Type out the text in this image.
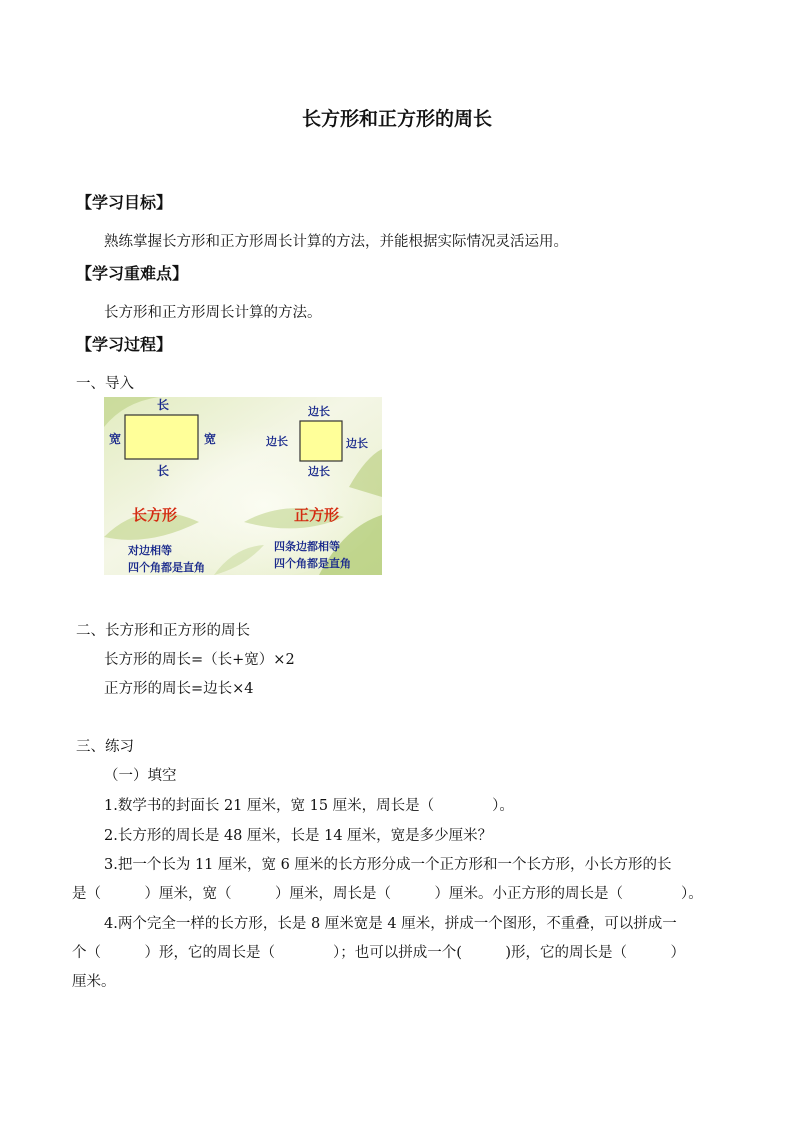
长方形和正方形的周长
【学习目标】
熟练掌握长方形和正方形周长计算的方法，并能根据实际情况灵活运用。
【学习重难点】
长方形和正方形周长计算的方法。
【学习过程】
一、导入
长
长
宽	宽
边长
边长
边长	边长
长方形	正方形
对边相等
四个角都是直角
四条边都相等
四个角都是直角
二、长方形和正方形的周长
长方形的周长=（长+宽）×2
正方形的周长=边长×4
三、练习
（一）填空
1.数学书的封面长 21 厘米，宽 15 厘米，周长是（　　　　）。
2.长方形的周长是 48 厘米，长是 14 厘米，宽是多少厘米？
3.把一个长为 11 厘米，宽 6 厘米的长方形分成一个正方形和一个长方形，小长方形的长
是（　　　）厘米，宽（　　　）厘米，周长是（　　　）厘米。小正方形的周长是（　　　　）。
4.两个完全一样的长方形，长是 8 厘米宽是 4 厘米，拼成一个图形，不重叠，可以拼成一
个（　　　）形，它的周长是（　　　　）；也可以拼成一个(　　　)形，它的周长是（　　　）
厘米。
